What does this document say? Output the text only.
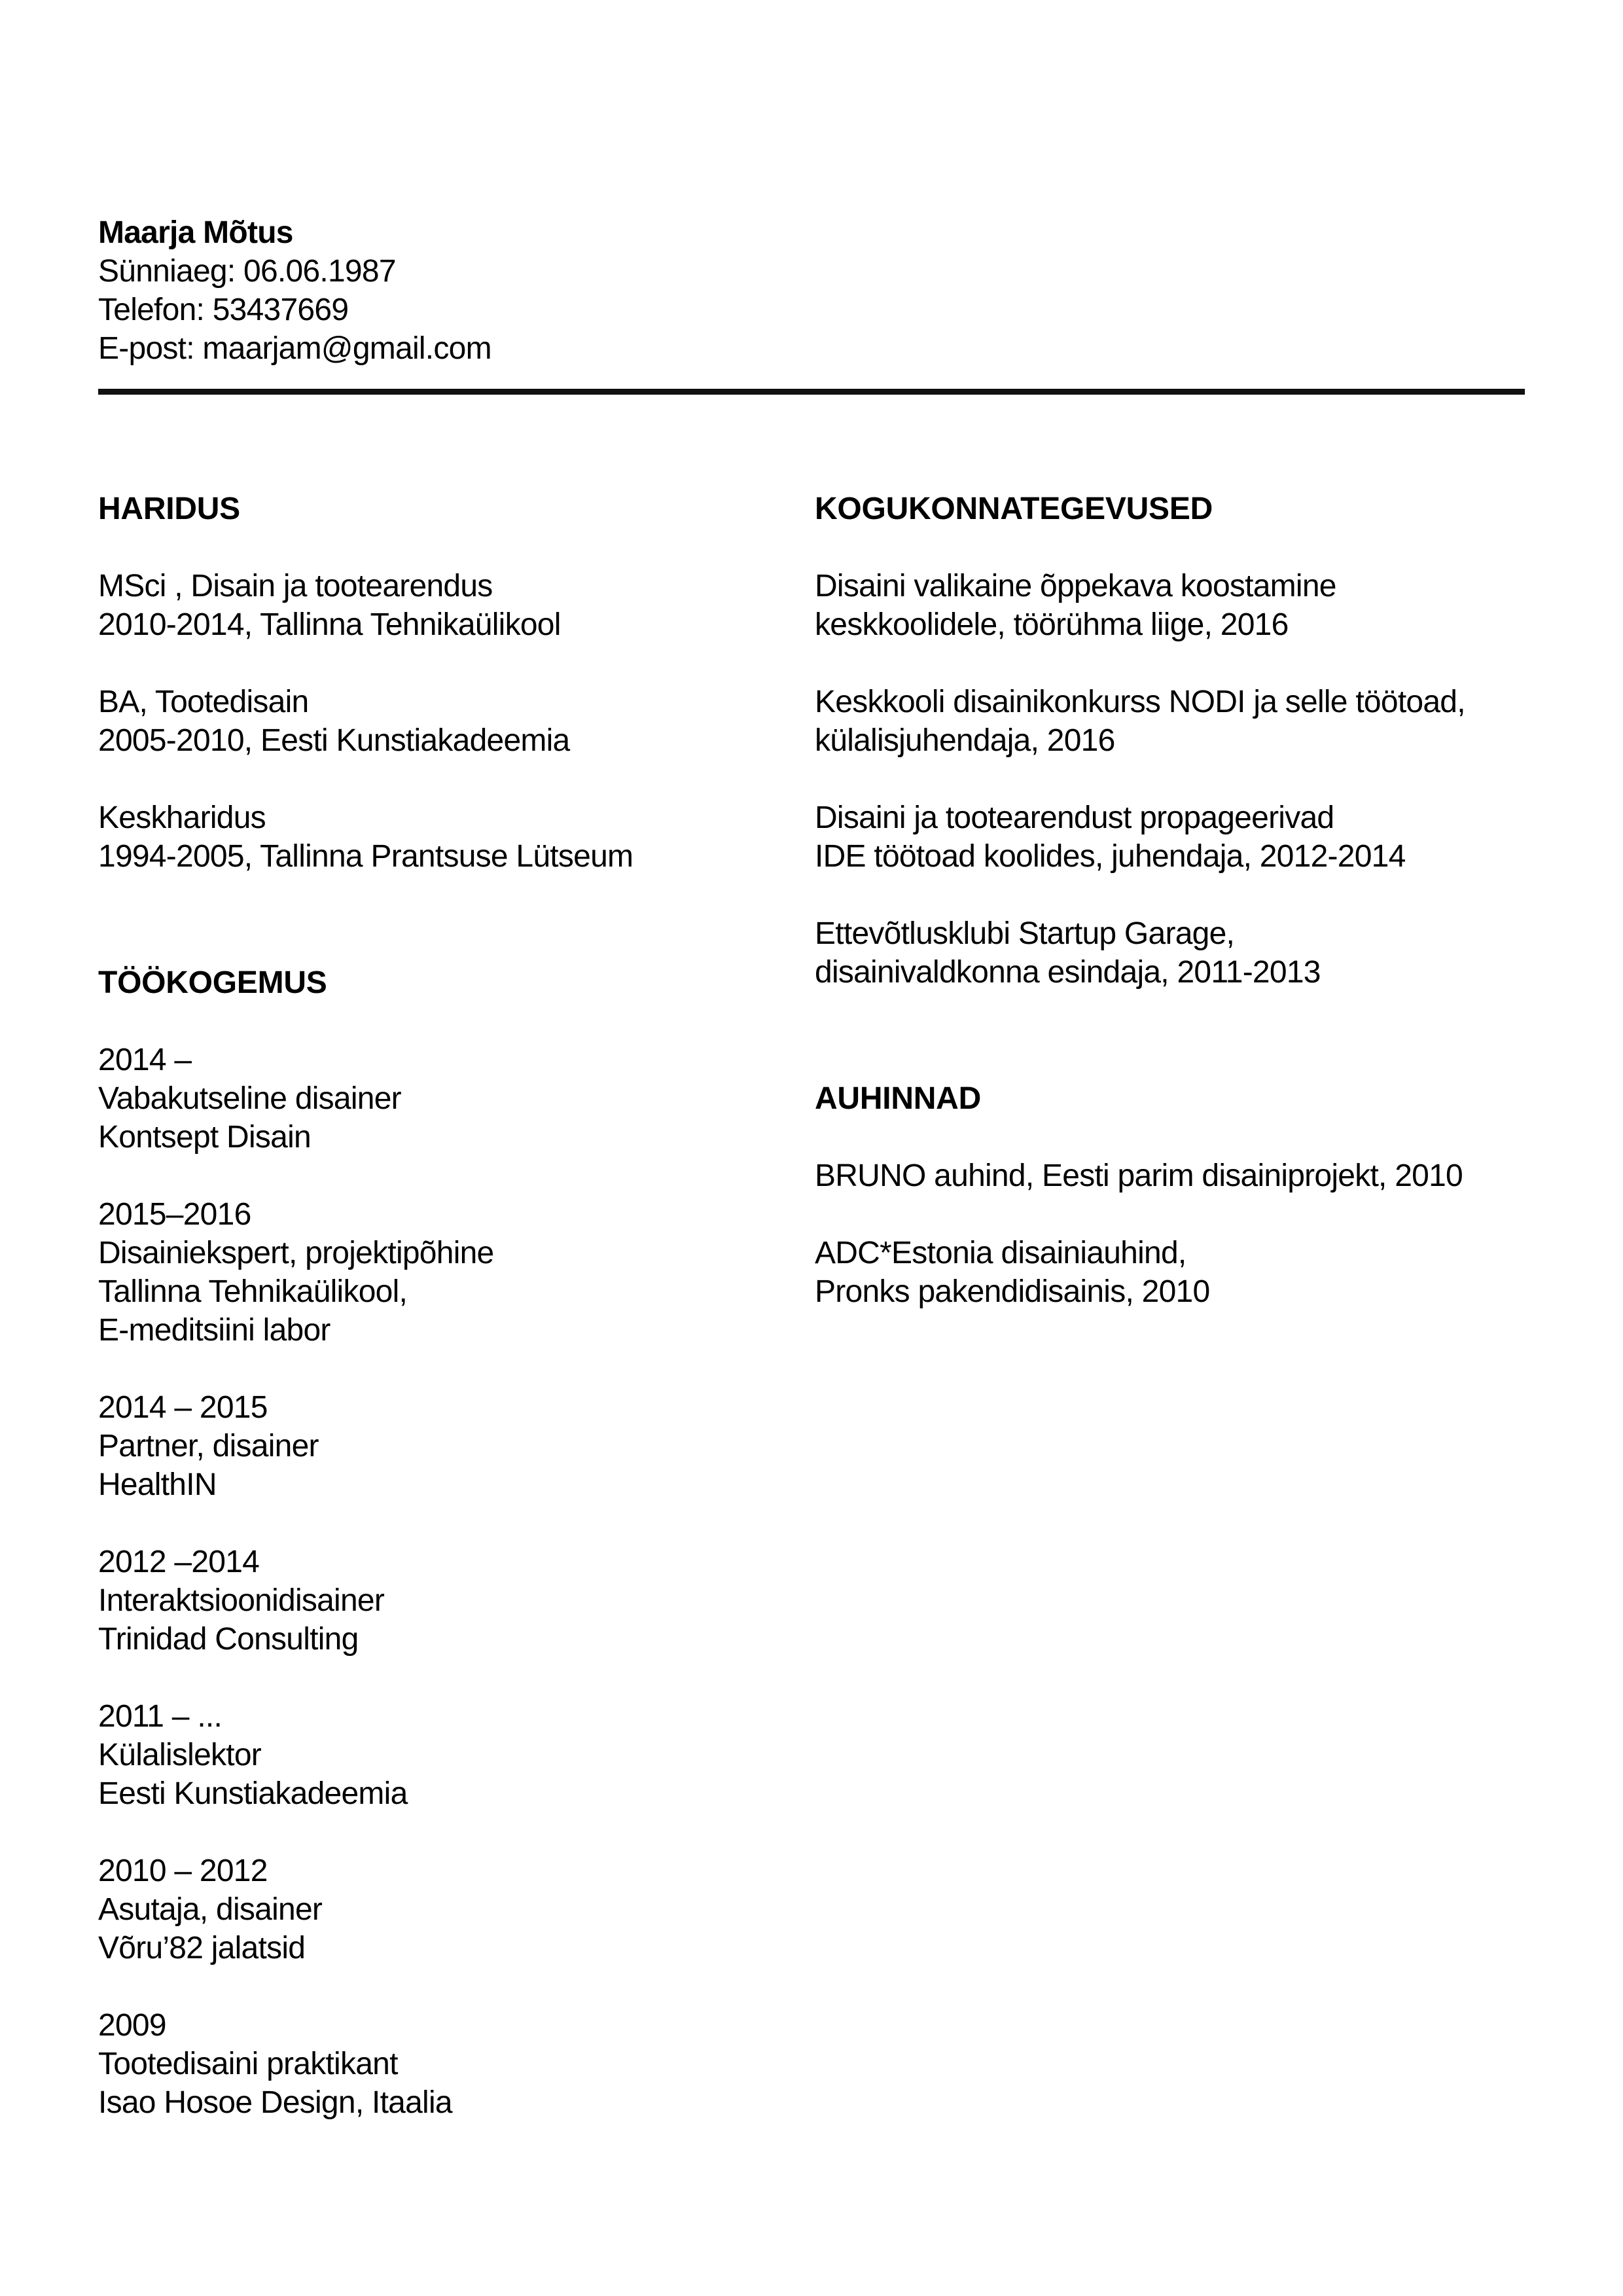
Maarja Mõtus
Sünniaeg: 06.06.1987
Telefon: 53437669
E-post: maarjam@gmail.com
HARIDUS
MSci , Disain ja tootearendus
2010-2014, Tallinna Tehnikaülikool
BA, Tootedisain
2005-2010, Eesti Kunstiakadeemia
Keskharidus
1994-2005, Tallinna Prantsuse Lütseum
TÖÖKOGEMUS
2014 –
Vabakutseline disainer
Kontsept Disain
2015–2016
Disainiekspert, projektipõhine
Tallinna Tehnikaülikool,
E-meditsiini labor
2014 – 2015
Partner, disainer
HealthIN
2012 –2014
Interaktsioonidisainer
Trinidad Consulting
2011 – ...
Külalislektor
Eesti Kunstiakadeemia
2010 – 2012
Asutaja, disainer
Võru’82 jalatsid
2009
Tootedisaini praktikant
Isao Hosoe Design, Itaalia
KOGUKONNATEGEVUSED
Disaini valikaine õppekava koostamine
keskkoolidele, töörühma liige, 2016
Keskkooli disainikonkurss NODI ja selle töötoad,
külalisjuhendaja, 2016
Disaini ja tootearendust propageerivad
IDE töötoad koolides, juhendaja, 2012-2014
Ettevõtlusklubi Startup Garage,
disainivaldkonna esindaja, 2011-2013
AUHINNAD
BRUNO auhind, Eesti parim disainiprojekt, 2010
ADC*Estonia disainiauhind,
Pronks pakendidisainis, 2010
